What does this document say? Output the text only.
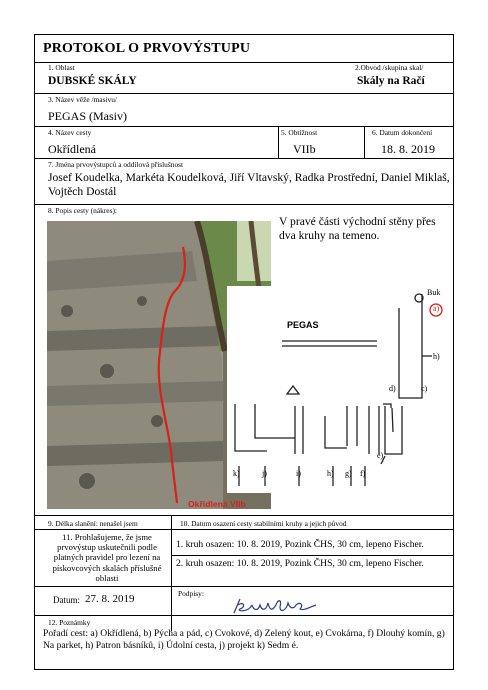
PROTOKOL O PRVOVÝSTUPU
1. Oblast
DUBSKÉ SKÁLY
2.Obvod /skupina skal/
Skály na Račí
3. Název věže /masivu/
PEGAS (Masiv)
4. Název cesty
Okřídlená
5. Obtížnost
VIIb
6. Datum dokončení
18. 8. 2019
7. Jména prvovýstupců a oddílová příslušnost
Josef Koudelka, Markéta Koudelková, Jiří Vltavský, Radka Prostřední, Daniel Miklaš, Vojtěch Dostál
8. Popis cesty (nákres):
V pravé části východní stěny přes dva kruhy na temeno.
Okřídlená VIIb
PEGAS
Buk
a)
h)
c)
d)
k)	j)	i)	h) g) f)
e)
9. Délka slanění: nenašel jsem	10. Datum osazení cesty stabilními kruhy a jejich původ
11. Prohlašujeme, že jsme prvovýstup uskutečnili podle platných pravidel pro lezení na pískovcových skalách příslušné oblasti
1. kruh osazen: 10. 8. 2019, Pozink ČHS, 30 cm, lepeno Fischer.
2. kruh osazen: 10. 8. 2019, Pozink ČHS, 30 cm, lepeno Fischer.
Datum: 27. 8. 2019	Podpisy:
12. Poznámky
Pořadí cest: a) Okřídlená, b) Pýcha a pád, c) Cvokové, d) Zelený kout, e) Cvokárna, f) Dlouhý komín, g) Na parket, h) Patron básníků, i) Údolní cesta, j) projekt k) Sedm é.
